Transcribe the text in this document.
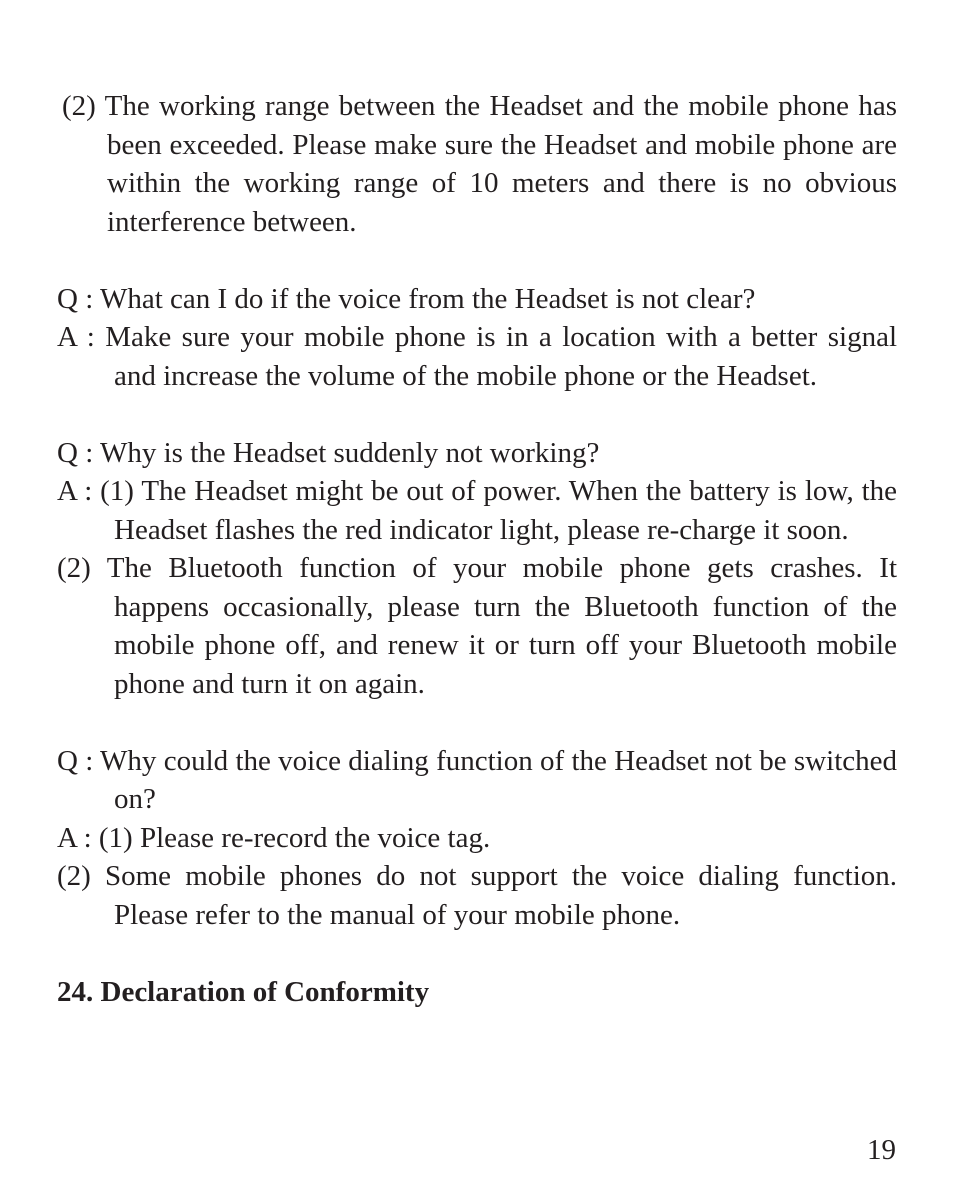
(2) The working range between the Headset and the mobile phone has been exceeded. Please make sure the Headset and mobile phone are within the working range of 10 meters and there is no obvious interference between.

Q : What can I do if the voice from the Headset is not clear?

A : Make sure your mobile phone is in a location with a better signal and increase the volume of the mobile phone or the Headset.

Q : Why is the Headset suddenly not working?

A : (1) The Headset might be out of power. When the battery is low, the Headset flashes the red indicator light, please re-charge it soon.

(2) The Bluetooth function of your mobile phone gets crashes. It happens occasionally, please turn the Bluetooth function of the mobile phone off, and renew it or turn off your Bluetooth mobile phone and turn it on again.

Q : Why could the voice dialing function of the Headset not be switched on?

A : (1) Please re-record the voice tag.

(2) Some mobile phones do not support the voice dialing function. Please refer to the manual of your mobile phone.

24. Declaration of Conformity
19
